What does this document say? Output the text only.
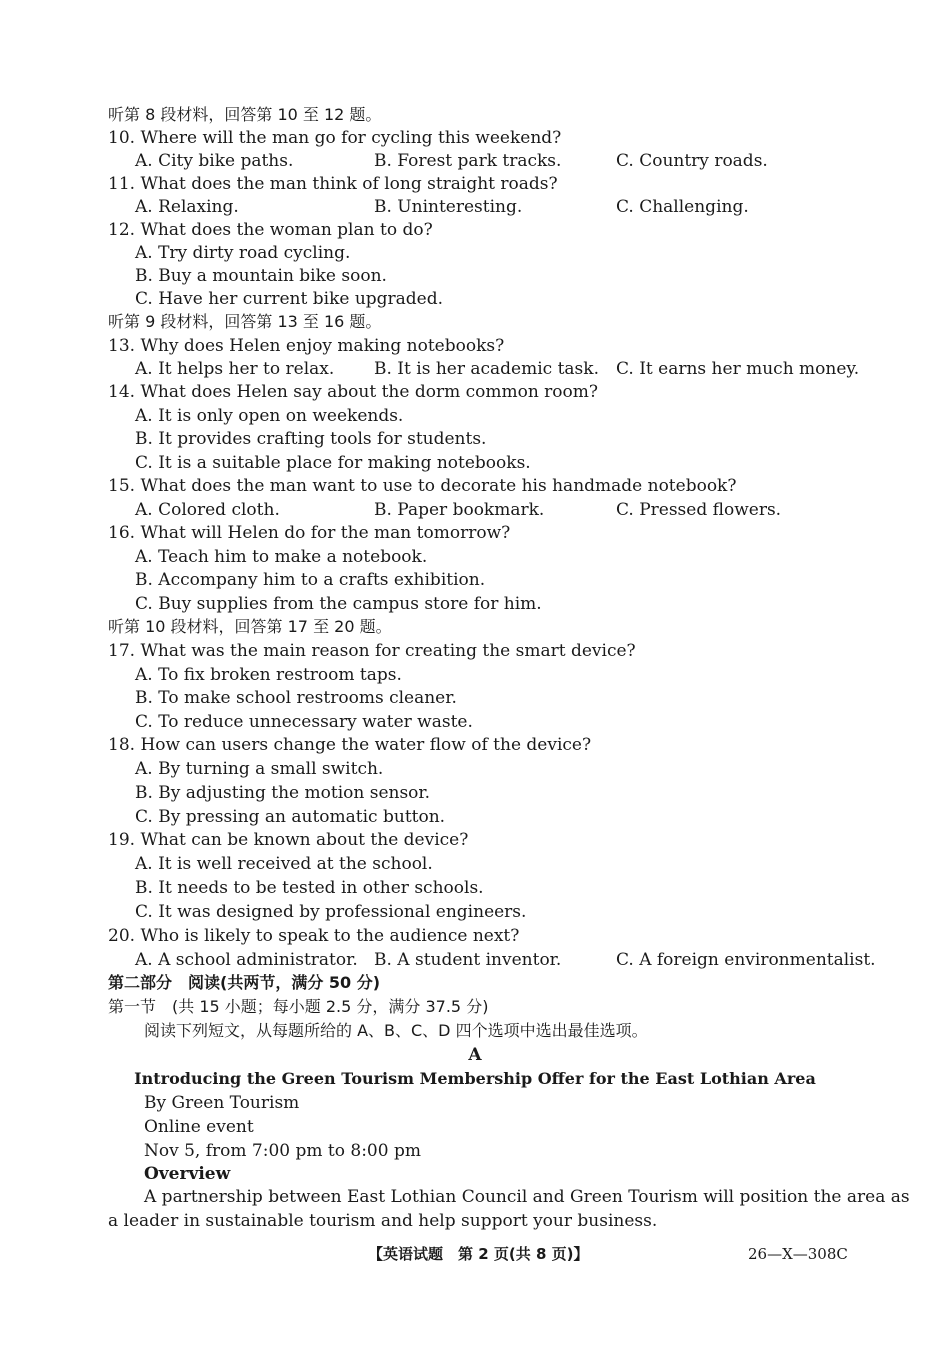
听第 8 段材料，回答第 10 至 12 题。
10. Where will the man go for cycling this weekend?
A. City bike paths.	B. Forest park tracks.	C. Country roads.
11. What does the man think of long straight roads?
A. Relaxing.	B. Uninteresting.	C. Challenging.
12. What does the woman plan to do?
A. Try dirty road cycling.
B. Buy a mountain bike soon.
C. Have her current bike upgraded.
听第 9 段材料，回答第 13 至 16 题。
13. Why does Helen enjoy making notebooks?
A. It helps her to relax. B. It is her academic task. C. It earns her much money.
14. What does Helen say about the dorm common room?
A. It is only open on weekends.
B. It provides crafting tools for students.
C. It is a suitable place for making notebooks.
15. What does the man want to use to decorate his handmade notebook?
A. Colored cloth.	B. Paper bookmark.	C. Pressed flowers.
16. What will Helen do for the man tomorrow?
A. Teach him to make a notebook.
B. Accompany him to a crafts exhibition.
C. Buy supplies from the campus store for him.
听第 10 段材料，回答第 17 至 20 题。
17. What was the main reason for creating the smart device?
A. To fix broken restroom taps.
B. To make school restrooms cleaner.
C. To reduce unnecessary water waste.
18. How can users change the water flow of the device?
A. By turning a small switch.
B. By adjusting the motion sensor.
C. By pressing an automatic button.
19. What can be known about the device?
A. It is well received at the school.
B. It needs to be tested in other schools.
C. It was designed by professional engineers.
20. Who is likely to speak to the audience next?
A. A school administrator. B. A student inventor.	C. A foreign environmentalist.
第二部分　阅读(共两节，满分 50 分)
第一节　(共 15 小题；每小题 2.5 分，满分 37.5 分)
阅读下列短文，从每题所给的 A、B、C、D 四个选项中选出最佳选项。
A
Introducing the Green Tourism Membership Offer for the East Lothian Area
By Green Tourism
Online event
Nov 5, from 7:00 pm to 8:00 pm
Overview
A partnership between East Lothian Council and Green Tourism will position the area as
a leader in sustainable tourism and help support your business.
【英语试题　第 2 页(共 8 页)】	26—X—308C
